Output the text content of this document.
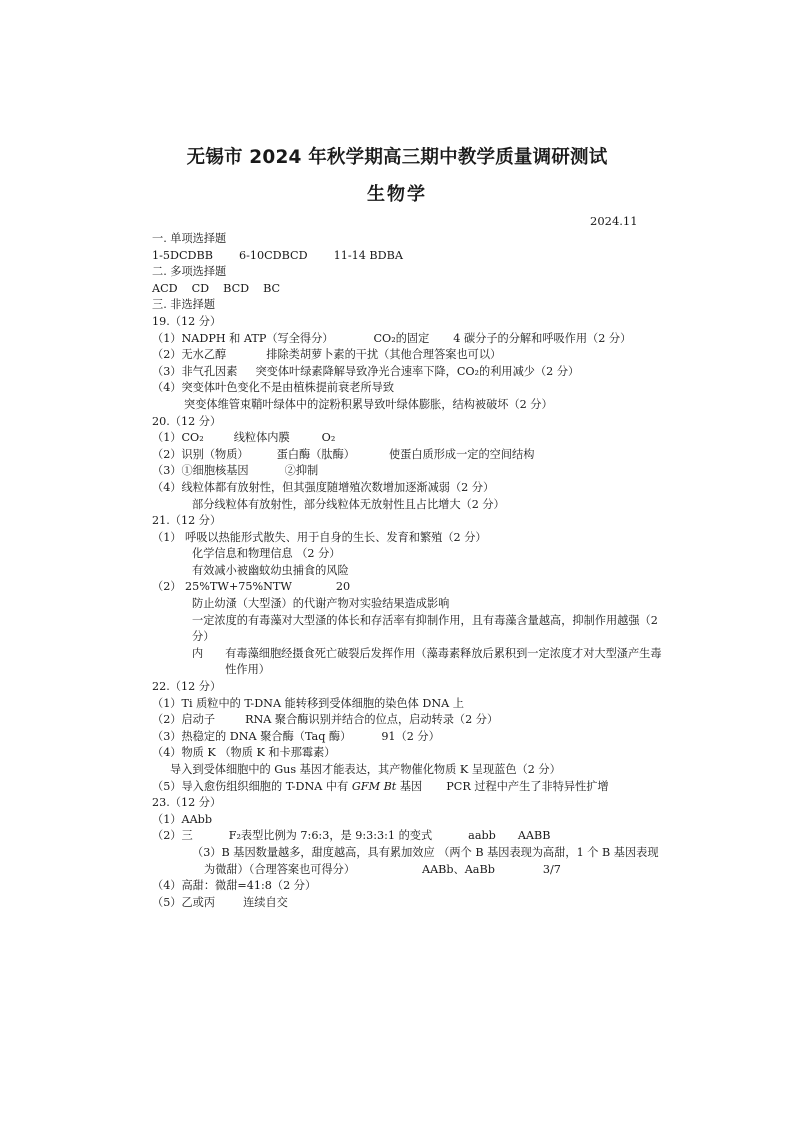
无锡市 2024 年秋学期高三期中教学质量调研测试
生物学
2024.11
一. 单项选择题
1-5DCDBB 6-10CDBCD 11-14 BDBA
二. 多项选择题
ACD CD BCD BC
三. 非选择题
19.（12 分）
（1）NADPH 和 ATP（写全得分）	CO₂的固定 4 碳分子的分解和呼吸作用（2 分）
（2）无水乙醇	排除类胡萝卜素的干扰（其他合理答案也可以）
（3）非气孔因素 突变体叶绿素降解导致净光合速率下降，CO₂的利用减少（2 分）
（4）突变体叶色变化不是由植株提前衰老所导致
突变体维管束鞘叶绿体中的淀粉积累导致叶绿体膨胀，结构被破坏（2 分）
20.（12 分）
（1）CO₂	线粒体内膜	O₂
（2）识别（物质）	蛋白酶（肽酶）	使蛋白质形成一定的空间结构
（3）①细胞核基因	②抑制
（4）线粒体都有放射性，但其强度随增殖次数增加逐渐减弱（2 分）
部分线粒体有放射性，部分线粒体无放射性且占比增大（2 分）
21.（12 分）
（1） 呼吸以热能形式散失、用于自身的生长、发育和繁殖（2 分）
化学信息和物理信息 （2 分）
有效减小被幽蚊幼虫捕食的风险
（2） 25%TW+75%NTW	20
防止幼溞（大型溞）的代谢产物对实验结果造成影响
一定浓度的有毒藻对大型溞的体长和存活率有抑制作用，且有毒藻含量越高，抑制作用越强（2 分）
内 有毒藻细胞经摄食死亡破裂后发挥作用（藻毒素释放后累积到一定浓度才对大型溞产生毒性作用）
22.（12 分）
（1）Ti 质粒中的 T-DNA 能转移到受体细胞的染色体 DNA 上
（2）启动子	RNA 聚合酶识别并结合的位点，启动转录（2 分）
（3）热稳定的 DNA 聚合酶（Taq 酶）	91（2 分）
（4）物质 K （物质 K 和卡那霉素）
导入到受体细胞中的 Gus 基因才能表达，其产物催化物质 K 呈现蓝色（2 分）
（5）导入愈伤组织细胞的 T-DNA 中有 GFM Bt 基因 PCR 过程中产生了非特异性扩增
23.（12 分）
（1）AAbb
（2）三	F₂表型比例为 7:6:3，是 9:3:3:1 的变式	aabb AABB
（3）B 基因数量越多，甜度越高，具有累加效应 （两个 B 基因表现为高甜，1 个 B 基因表现为微甜）（合理答案也可得分）	AABb、AaBb	3/7
（4）高甜：微甜=41:8（2 分）
（5）乙或丙	连续自交
